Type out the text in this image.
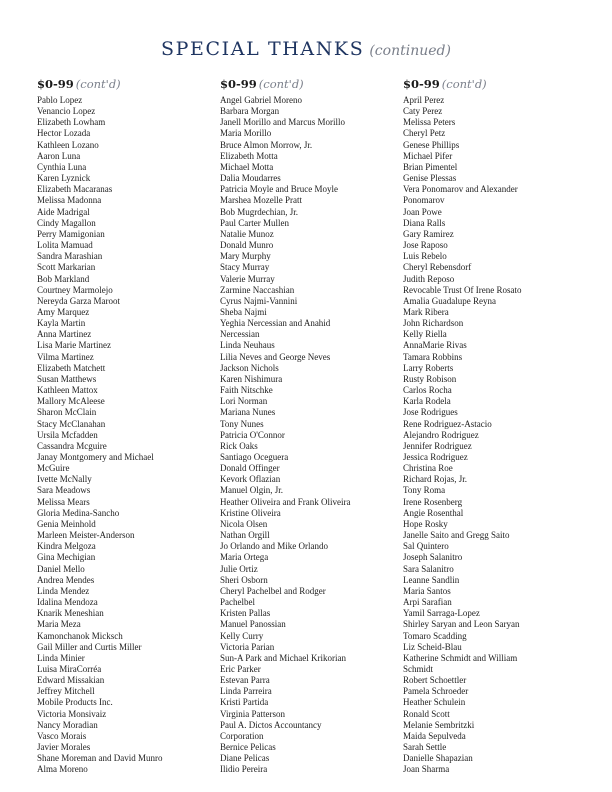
SPECIAL THANKS (continued)
$0-99 (cont'd)
Pablo Lopez
Venancio Lopez
Elizabeth Lowham
Hector Lozada
Kathleen Lozano
Aaron Luna
Cynthia Luna
Karen Lyznick
Elizabeth Macaranas
Melissa Madonna
Aide Madrigal
Cindy Magallon
Perry Mamigonian
Lolita Mamuad
Sandra Marashian
Scott Markarian
Bob Markland
Courtney Marmolejo
Nereyda Garza Maroot
Amy Marquez
Kayla Martin
Anna Martinez
Lisa Marie Martinez
Vilma Martinez
Elizabeth Matchett
Susan Matthews
Kathleen Mattox
Mallory McAleese
Sharon McClain
Stacy McClanahan
Ursila Mcfadden
Cassandra Mcguire
Janay Montgomery and Michael
McGuire
Ivette McNally
Sara Meadows
Melissa Mears
Gloria Medina-Sancho
Genia Meinhold
Marleen Meister-Anderson
Kindra Melgoza
Gina Mechigian
Daniel Mello
Andrea Mendes
Linda Mendez
Idalina Mendoza
Knarik Meneshian
Maria Meza
Kamonchanok Micksch
Gail Miller and Curtis Miller
Linda Minier
Luisa MiraCorréa
Edward Missakian
Jeffrey Mitchell
Mobile Products Inc.
Victoria Monsivaiz
Nancy Moradian
Vasco Morais
Javier Morales
Shane Moreman and David Munro
Alma Moreno
$0-99 (cont'd)
Angel Gabriel Moreno
Barbara Morgan
Janell Morillo and Marcus Morillo
Maria Morillo
Bruce Almon Morrow, Jr.
Elizabeth Motta
Michael Motta
Dalia Moudarres
Patricia Moyle and Bruce Moyle
Marshea Mozelle Pratt
Bob Mugrdechian, Jr.
Paul Carter Mullen
Natalie Munoz
Donald Munro
Mary Murphy
Stacy Murray
Valerie Murray
Zarmine Naccashian
Cyrus Najmi-Vannini
Sheba Najmi
Yeghia Nercessian and Anahid
Nercessian
Linda Neuhaus
Lilia Neves and George Neves
Jackson Nichols
Karen Nishimura
Faith Nitschke
Lori Norman
Mariana Nunes
Tony Nunes
Patricia O'Connor
Rick Oaks
Santiago Oceguera
Donald Offinger
Kevork Oflazian
Manuel Olgin, Jr.
Heather Oliveira and Frank Oliveira
Kristine Oliveira
Nicola Olsen
Nathan Orgill
Jo Orlando and Mike Orlando
Maria Ortega
Julie Ortiz
Sheri Osborn
Cheryl Pachelbel and Rodger
Pachelbel
Kristen Pallas
Manuel Panossian
Kelly Curry
Victoria Parian
Sun-A Park and Michael Krikorian
Eric Parker
Estevan Parra
Linda Parreira
Kristi Partida
Virginia Patterson
Paul A. Dictos Accountancy
Corporation
Bernice Pelicas
Diane Pelicas
Ilidio Pereira
$0-99 (cont'd)
April Perez
Caty Perez
Melissa Peters
Cheryl Petz
Genese Phillips
Michael Pifer
Brian Pimentel
Genise Plessas
Vera Ponomarov and Alexander
Ponomarov
Joan Powe
Diana Ralls
Gary Ramirez
Jose Raposo
Luis Rebelo
Cheryl Rebensdorf
Judith Reposo
Revocable Trust Of Irene Rosato
Amalia Guadalupe Reyna
Mark Ribera
John Richardson
Kelly Riella
AnnaMarie Rivas
Tamara Robbins
Larry Roberts
Rusty Robison
Carlos Rocha
Karla Rodela
Jose Rodrigues
Rene Rodriguez-Astacio
Alejandro Rodriguez
Jennifer Rodriguez
Jessica Rodriguez
Christina Roe
Richard Rojas, Jr.
Tony Roma
Irene Rosenberg
Angie Rosenthal
Hope Rosky
Janelle Saito and Gregg Saito
Sal Quintero
Joseph Salanitro
Sara Salanitro
Leanne Sandlin
Maria Santos
Arpi Sarafian
Yamil Sarraga-Lopez
Shirley Saryan and Leon Saryan
Tomaro Scadding
Liz Scheid-Blau
Katherine Schmidt and William
Schmidt
Robert Schoettler
Pamela Schroeder
Heather Schulein
Ronald Scott
Melanie Sembritzki
Maida Sepulveda
Sarah Settle
Danielle Shapazian
Joan Sharma
